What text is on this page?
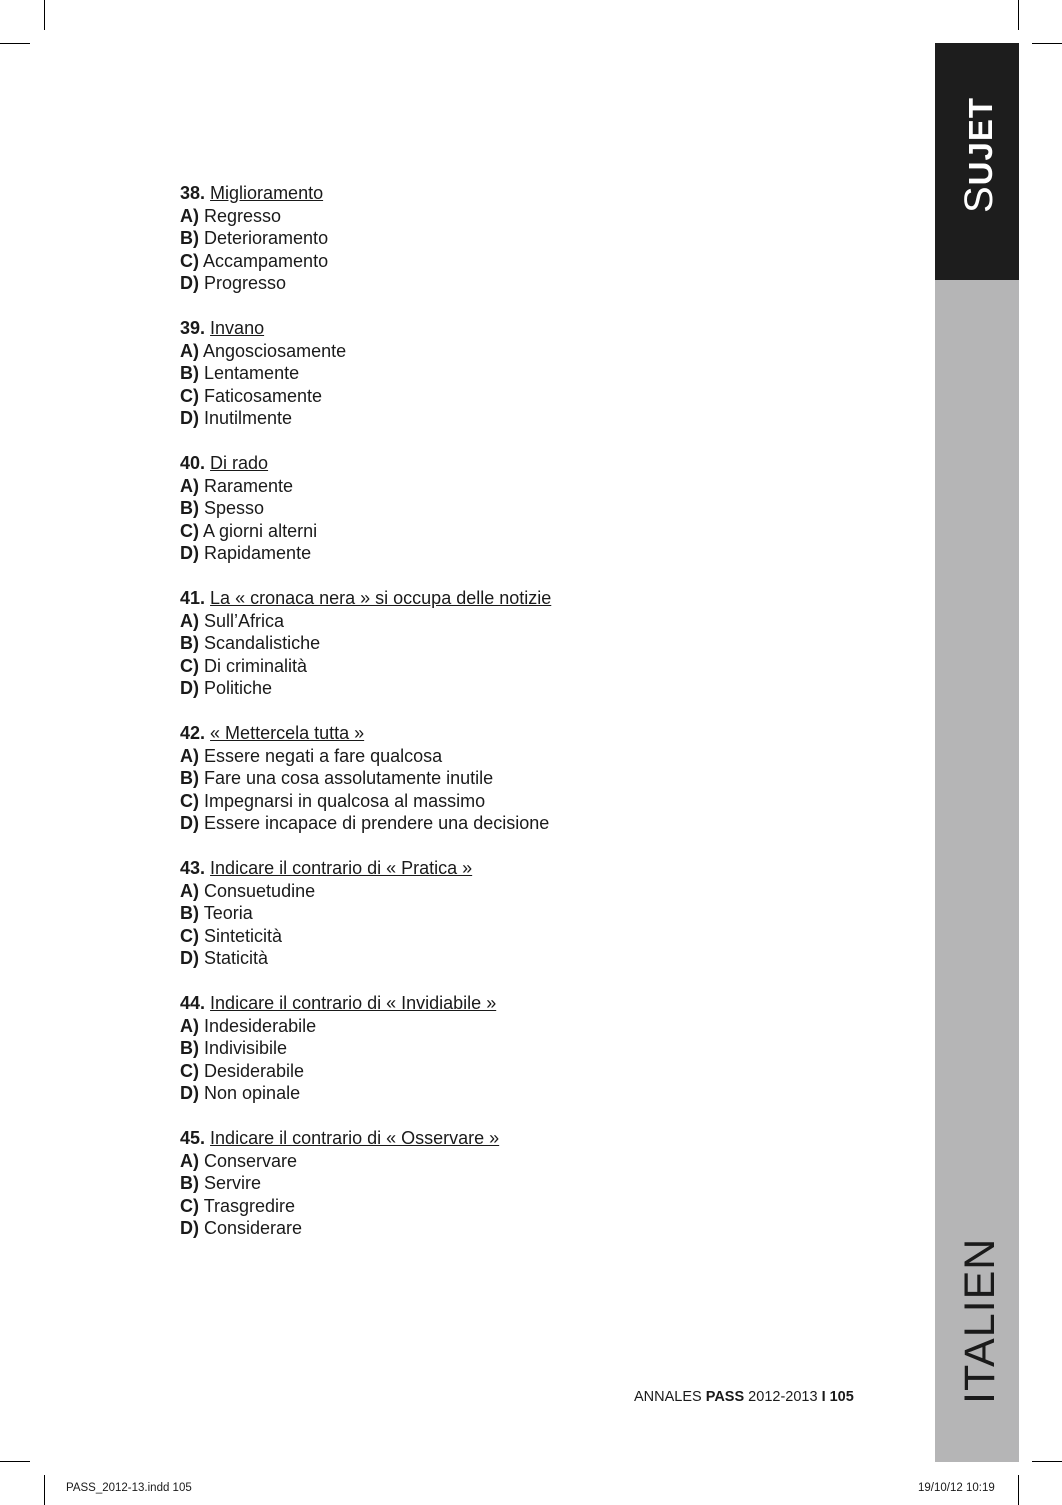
SUJET
ITALIEN
38. Miglioramento
A) Regresso
B) Deterioramento
C) Accampamento
D) Progresso
39. Invano
A) Angosciosamente
B) Lentamente
C) Faticosamente
D) Inutilmente
40. Di rado
A) Raramente
B) Spesso
C) A giorni alterni
D) Rapidamente
41. La « cronaca nera » si occupa delle notizie
A) Sull’Africa
B) Scandalistiche
C) Di criminalità
D) Politiche
42. « Mettercela tutta »
A) Essere negati a fare qualcosa
B) Fare una cosa assolutamente inutile
C) Impegnarsi in qualcosa al massimo
D) Essere incapace di prendere una decisione
43. Indicare il contrario di « Pratica »
A) Consuetudine
B) Teoria
C) Sinteticità
D) Staticità
44. Indicare il contrario di « Invidiabile »
A) Indesiderabile
B) Indivisibile
C) Desiderabile
D) Non opinale
45. Indicare il contrario di « Osservare »
A) Conservare
B) Servire
C) Trasgredire
D) Considerare
ANNALES PASS 2012-2013 I 105
PASS_2012-13.indd 105	19/10/12 10:19
